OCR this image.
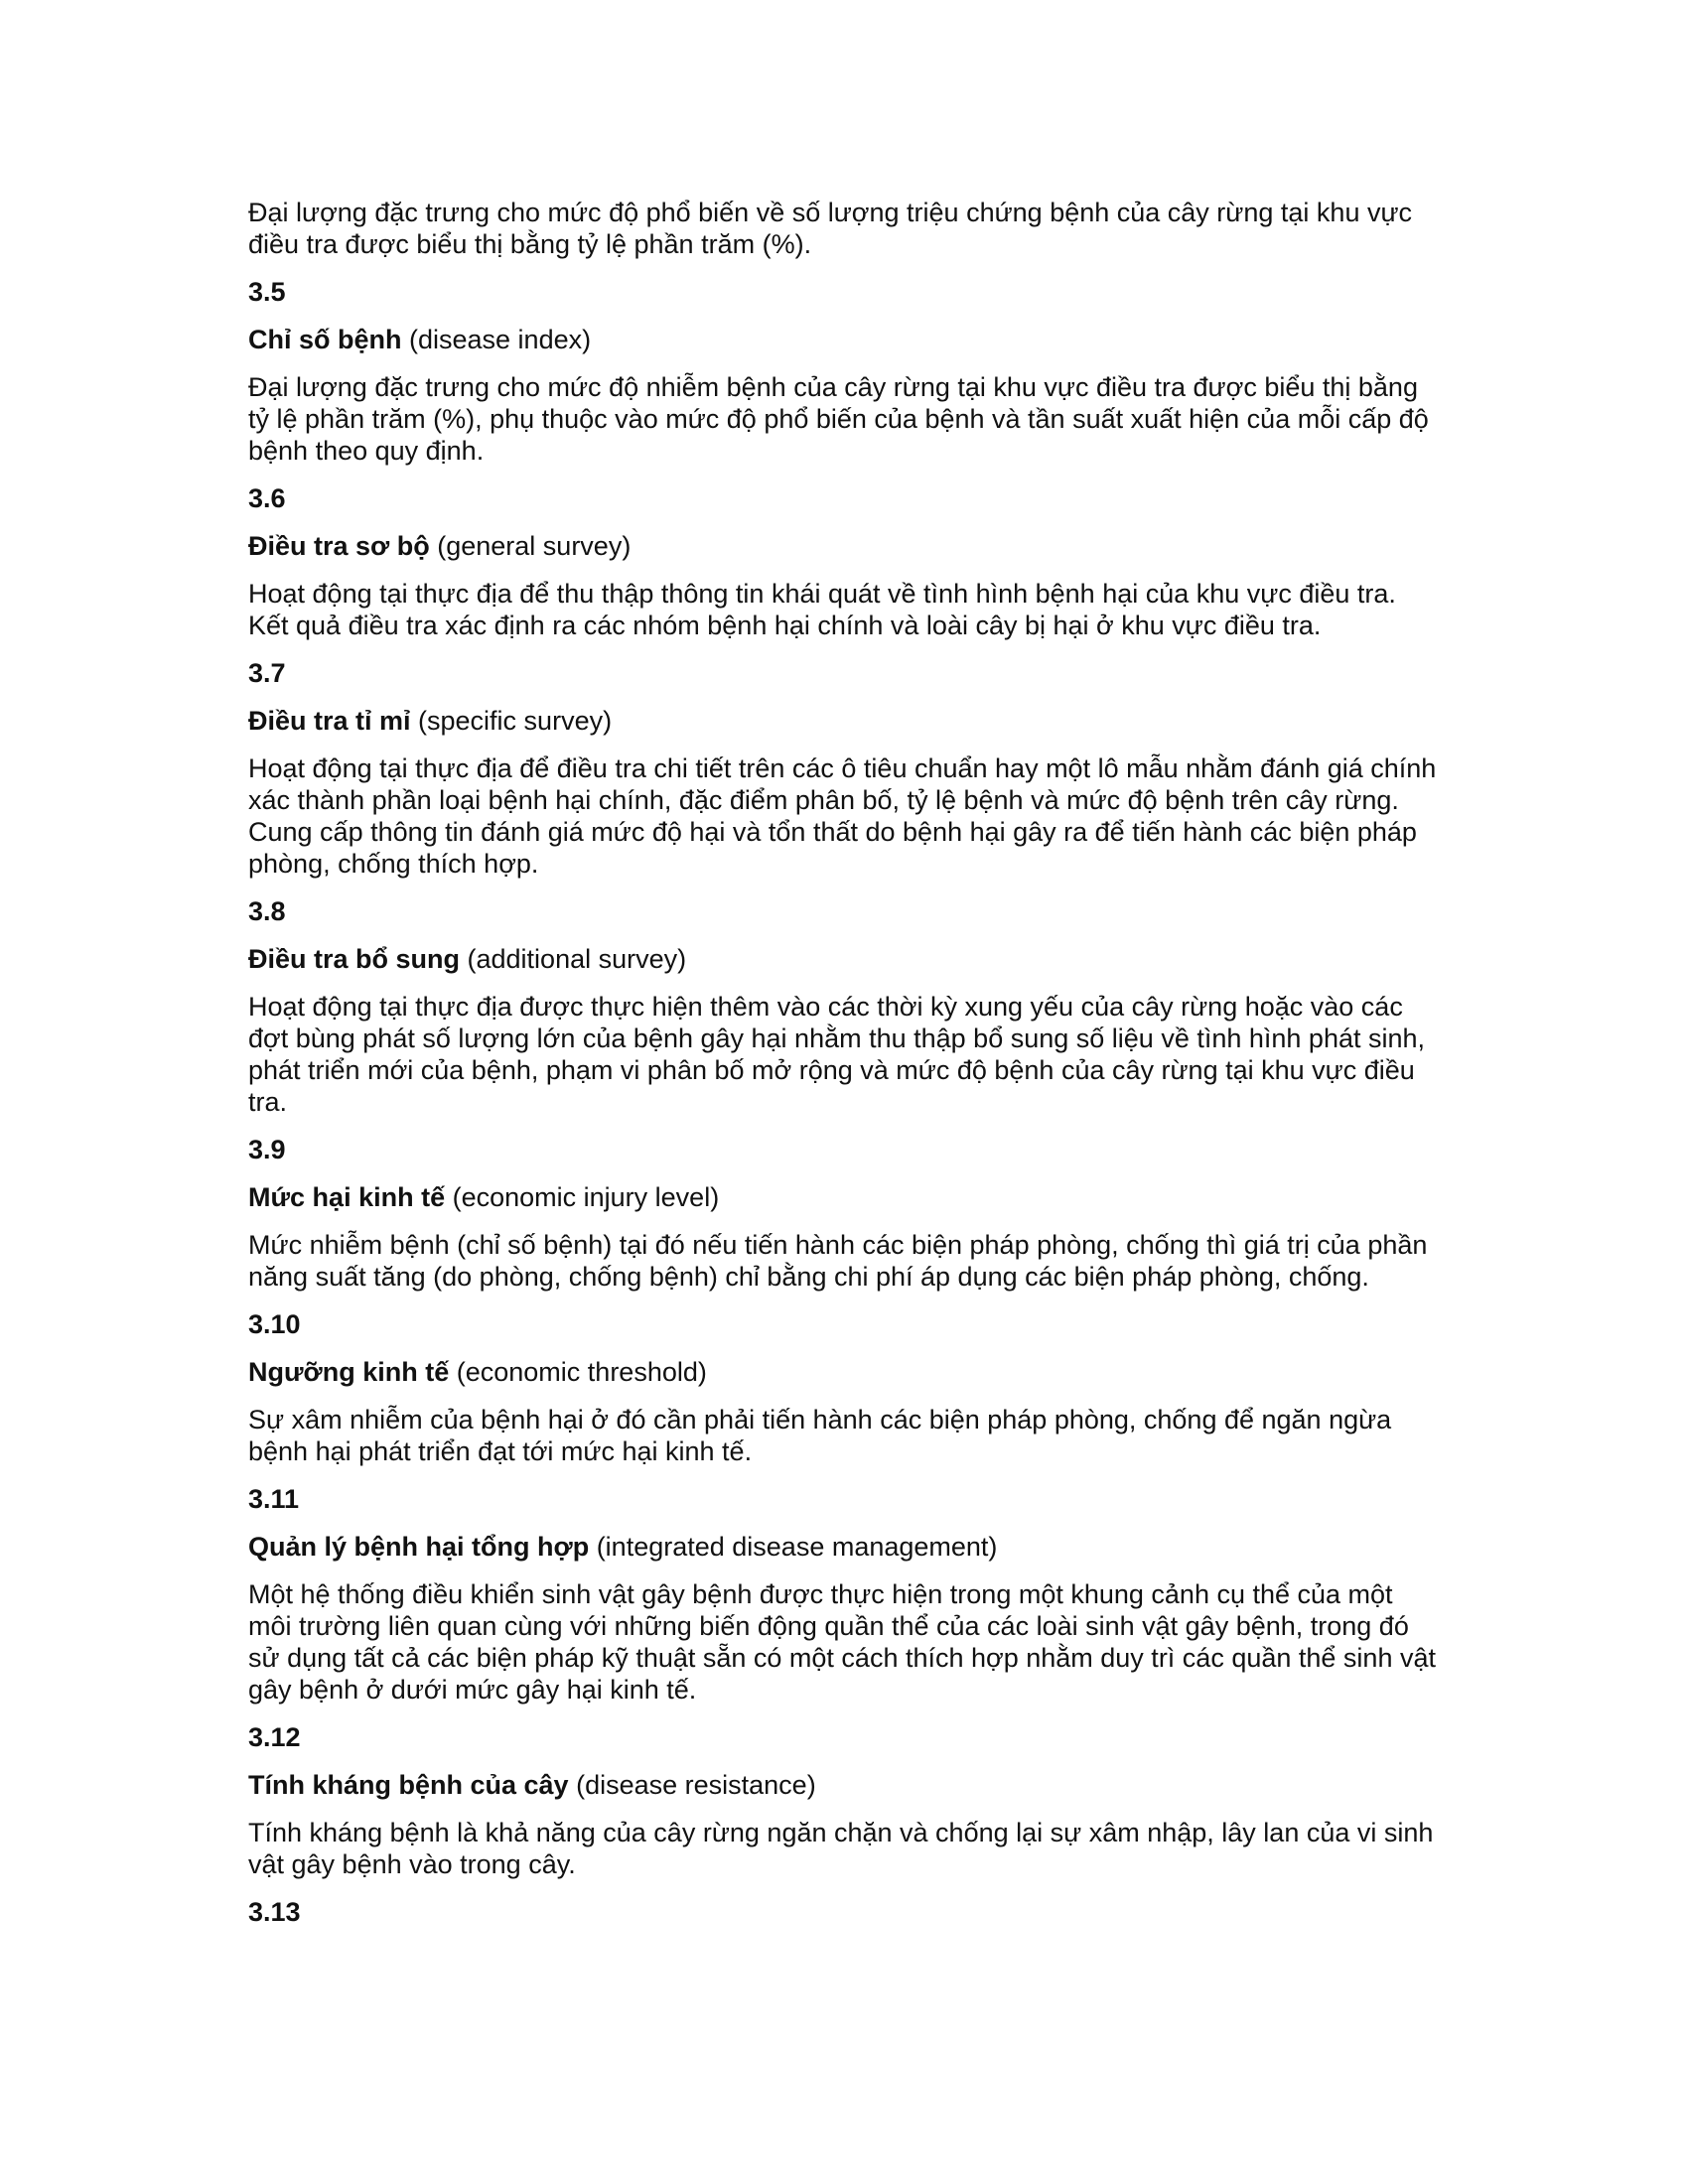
Đại lượng đặc trưng cho mức độ phổ biến về số lượng triệu chứng bệnh của cây rừng tại khu vực điều tra được biểu thị bằng tỷ lệ phần trăm (%).

3.5

Chỉ số bệnh (disease index)

Đại lượng đặc trưng cho mức độ nhiễm bệnh của cây rừng tại khu vực điều tra được biểu thị bằng tỷ lệ phần trăm (%), phụ thuộc vào mức độ phổ biến của bệnh và tần suất xuất hiện của mỗi cấp độ bệnh theo quy định.

3.6

Điều tra sơ bộ (general survey)

Hoạt động tại thực địa để thu thập thông tin khái quát về tình hình bệnh hại của khu vực điều tra. Kết quả điều tra xác định ra các nhóm bệnh hại chính và loài cây bị hại ở khu vực điều tra.

3.7

Điều tra tỉ mỉ (specific survey)

Hoạt động tại thực địa để điều tra chi tiết trên các ô tiêu chuẩn hay một lô mẫu nhằm đánh giá chính xác thành phần loại bệnh hại chính, đặc điểm phân bố, tỷ lệ bệnh và mức độ bệnh trên cây rừng. Cung cấp thông tin đánh giá mức độ hại và tổn thất do bệnh hại gây ra để tiến hành các biện pháp phòng, chống thích hợp.

3.8

Điều tra bổ sung (additional survey)

Hoạt động tại thực địa được thực hiện thêm vào các thời kỳ xung yếu của cây rừng hoặc vào các đợt bùng phát số lượng lớn của bệnh gây hại nhằm thu thập bổ sung số liệu về tình hình phát sinh, phát triển mới của bệnh, phạm vi phân bố mở rộng và mức độ bệnh của cây rừng tại khu vực điều tra.

3.9

Mức hại kinh tế (economic injury level)

Mức nhiễm bệnh (chỉ số bệnh) tại đó nếu tiến hành các biện pháp phòng, chống thì giá trị của phần năng suất tăng (do phòng, chống bệnh) chỉ bằng chi phí áp dụng các biện pháp phòng, chống.

3.10

Ngưỡng kinh tế (economic threshold)

Sự xâm nhiễm của bệnh hại ở đó cần phải tiến hành các biện pháp phòng, chống để ngăn ngừa bệnh hại phát triển đạt tới mức hại kinh tế.

3.11

Quản lý bệnh hại tổng hợp (integrated disease management)

Một hệ thống điều khiển sinh vật gây bệnh được thực hiện trong một khung cảnh cụ thể của một môi trường liên quan cùng với những biến động quần thể của các loài sinh vật gây bệnh, trong đó sử dụng tất cả các biện pháp kỹ thuật sẵn có một cách thích hợp nhằm duy trì các quần thể sinh vật gây bệnh ở dưới mức gây hại kinh tế.

3.12

Tính kháng bệnh của cây (disease resistance)

Tính kháng bệnh là khả năng của cây rừng ngăn chặn và chống lại sự xâm nhập, lây lan của vi sinh vật gây bệnh vào trong cây.

3.13
